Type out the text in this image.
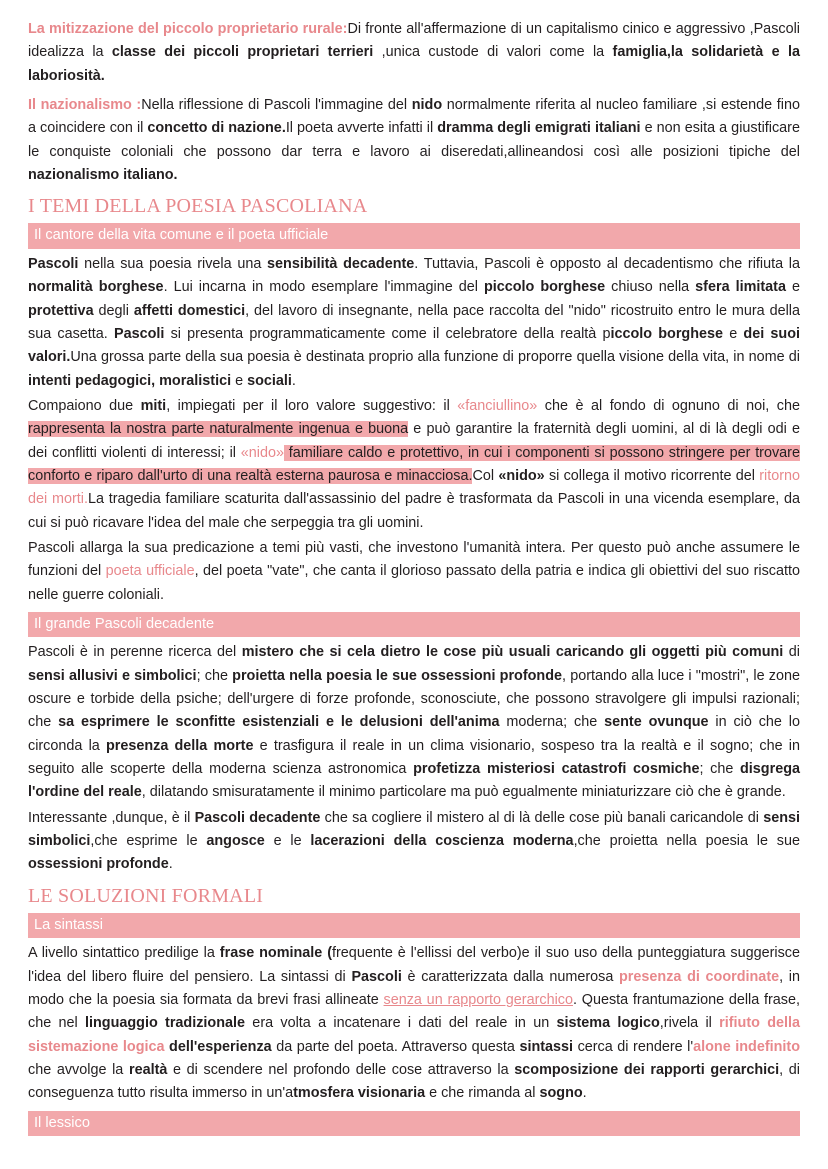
La mitizzazione del piccolo proprietario rurale:Di fronte all'affermazione di un capitalismo cinico e aggressivo ,Pascoli idealizza la classe dei piccoli proprietari terrieri ,unica custode di valori come la famiglia,la solidarietà e la laboriosità.

Il nazionalismo :Nella riflessione di Pascoli l'immagine del nido normalmente riferita al nucleo familiare ,si estende fino a coincidere con il concetto di nazione.Il poeta avverte infatti il dramma degli emigrati italiani e non esita a giustificare le conquiste coloniali che possono dar terra e lavoro ai diseredati,allineandosi così alle posizioni tipiche del nazionalismo italiano.

I TEMI DELLA POESIA PASCOLIANA
Il cantore della vita comune e il poeta ufficiale

Pascoli nella sua poesia rivela una sensibilità decadente. Tuttavia, Pascoli è opposto al decadentismo che rifiuta la normalità borghese. Lui incarna in modo esemplare l'immagine del piccolo borghese chiuso nella sfera limitata e protettiva degli affetti domestici, del lavoro di insegnante, nella pace raccolta del "nido" ricostruito entro le mura della sua casetta. Pascoli si presenta programmaticamente come il celebratore della realtà piccolo borghese e dei suoi valori.Una grossa parte della sua poesia è destinata proprio alla funzione di proporre quella visione della vita, in nome di intenti pedagogici, moralistici e sociali.

Compaiono due miti, impiegati per il loro valore suggestivo: il «fanciullino» che è al fondo di ognuno di noi, che rappresenta la nostra parte naturalmente ingenua e buona e può garantire la fraternità degli uomini, al di là degli odi e dei conflitti violenti di interessi; il «nido» familiare caldo e protettivo, in cui i componenti si possono stringere per trovare conforto e riparo dall'urto di una realtà esterna paurosa e minacciosa.Col «nido» si collega il motivo ricorrente del ritorno dei morti.La tragedia familiare scaturita dall'assassinio del padre è trasformata da Pascoli in una vicenda esemplare, da cui si può ricavare l'idea del male che serpeggia tra gli uomini.

Pascoli allarga la sua predicazione a temi più vasti, che investono l'umanità intera. Per questo può anche assumere le funzioni del poeta ufficiale, del poeta "vate", che canta il glorioso passato della patria e indica gli obiettivi del suo riscatto nelle guerre coloniali.

Il grande Pascoli decadente

Pascoli è in perenne ricerca del mistero che si cela dietro le cose più usuali caricando gli oggetti più comuni di sensi allusivi e simbolici; che proietta nella poesia le sue ossessioni profonde, portando alla luce i "mostri", le zone oscure e torbide della psiche; dell'urgere di forze profonde, sconosciute, che possono stravolgere gli impulsi razionali; che sa esprimere le sconfitte esistenziali e le delusioni dell'anima moderna; che sente ovunque in ciò che lo circonda la presenza della morte e trasfigura il reale in un clima visionario, sospeso tra la realtà e il sogno; che in seguito alle scoperte della moderna scienza astronomica profetizza misteriosi catastrofi cosmiche; che disgrega l'ordine del reale, dilatando smisuratamente il minimo particolare ma può egualmente miniaturizzare ciò che è grande.

Interessante ,dunque, è il Pascoli decadente che sa cogliere il mistero al di là delle cose più banali caricandole di sensi simbolici,che esprime le angosce e le lacerazioni della coscienza moderna,che proietta nella poesia le sue ossessioni profonde.

LE SOLUZIONI FORMALI
La sintassi

A livello sintattico predilige la frase nominale (frequente è l'ellissi del verbo)e il suo uso della punteggiatura suggerisce l'idea del libero fluire del pensiero. La sintassi di Pascoli è caratterizzata dalla numerosa presenza di coordinate, in modo che la poesia sia formata da brevi frasi allineate senza un rapporto gerarchico. Questa frantumazione della frase, che nel linguaggio tradizionale era volta a incatenare i dati del reale in un sistema logico,rivela il rifiuto della sistemazione logica dell'esperienza da parte del poeta. Attraverso questa sintassi cerca di rendere l'alone indefinito che avvolge la realtà e di scendere nel profondo delle cose attraverso la scomposizione dei rapporti gerarchici, di conseguenza tutto risulta immerso in un'atmosfera visionaria e che rimanda al sogno.

Il lessico
